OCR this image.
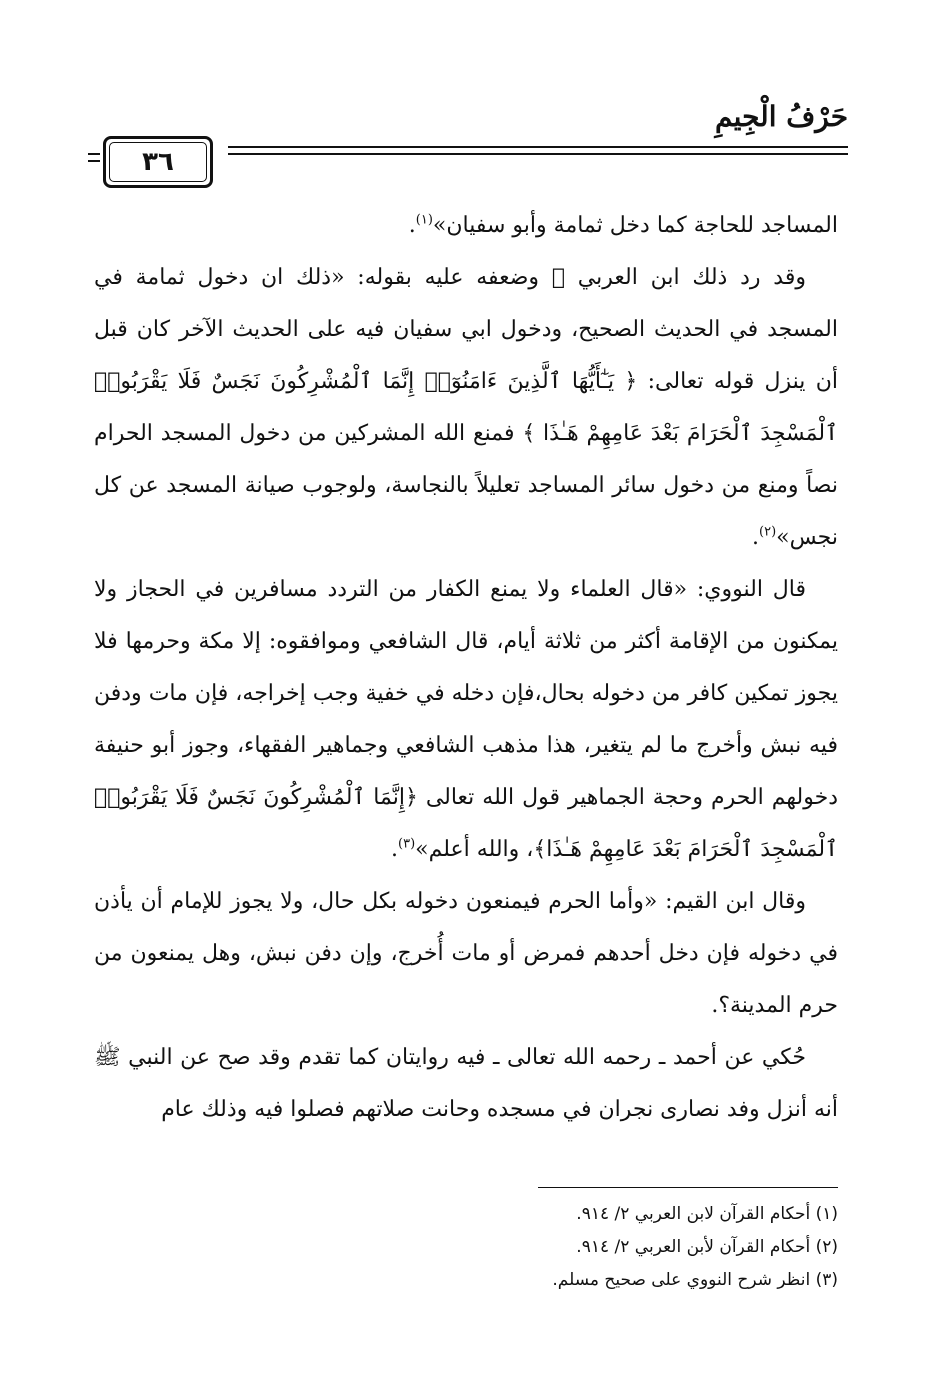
حَرْفُ الْجِيمِ
٣٦

المساجد للحاجة كما دخل ثمامة وأبو سفيان»$^{(١)}$.

وقد رد ذلك ابن العربي ﷺ وضعفه عليه بقوله: «ذلك ان دخول ثمامة في المسجد في الحديث الصحيح، ودخول ابي سفيان فيه على الحديث الآخر كان قبل أن ينزل قوله تعالى: ﴿ يَـٰٓأَيُّهَا ٱلَّذِينَ ءَامَنُوٓا۟ إِنَّمَا ٱلْمُشْرِكُونَ نَجَسٌ فَلَا يَقْرَبُوا۟ ٱلْمَسْجِدَ ٱلْحَرَامَ بَعْدَ عَامِهِمْ هَـٰذَا ﴾ فمنع الله المشركين من دخول المسجد الحرام نصاً ومنع من دخول سائر المساجد تعليلاً بالنجاسة، ولوجوب صيانة المسجد عن كل نجس»$^{(٢)}$.

قال النووي: «قال العلماء ولا يمنع الكفار من التردد مسافرين في الحجاز ولا يمكنون من الإقامة أكثر من ثلاثة أيام، قال الشافعي وموافقوه: إلا مكة وحرمها فلا يجوز تمكين كافر من دخوله بحال،فإن دخله في خفية وجب إخراجه، فإن مات ودفن فيه نبش وأخرج ما لم يتغير، هذا مذهب الشافعي وجماهير الفقهاء، وجوز أبو حنيفة دخولهم الحرم وحجة الجماهير قول الله تعالى ﴿إِنَّمَا ٱلْمُشْرِكُونَ نَجَسٌ فَلَا يَقْرَبُوا۟ ٱلْمَسْجِدَ ٱلْحَرَامَ بَعْدَ عَامِهِمْ هَـٰذَا﴾، والله أعلم»$^{(٣)}$.

وقال ابن القيم: «وأما الحرم فيمنعون دخوله بكل حال، ولا يجوز للإمام أن يأذن في دخوله فإن دخل أحدهم فمرض أو مات أُخرج، وإن دفن نبش، وهل يمنعون من حرم المدينة؟.

حُكي عن أحمد ـ رحمه الله تعالى ـ فيه روايتان كما تقدم وقد صح عن النبي ﷺ أنه أنزل وفد نصارى نجران في مسجده وحانت صلاتهم فصلوا فيه وذلك عام

(١) أحكام القرآن لابن العربي ٢/ ٩١٤.
(٢) أحكام القرآن لأبن العربي ٢/ ٩١٤.
(٣) انظر شرح النووي على صحيح مسلم.
